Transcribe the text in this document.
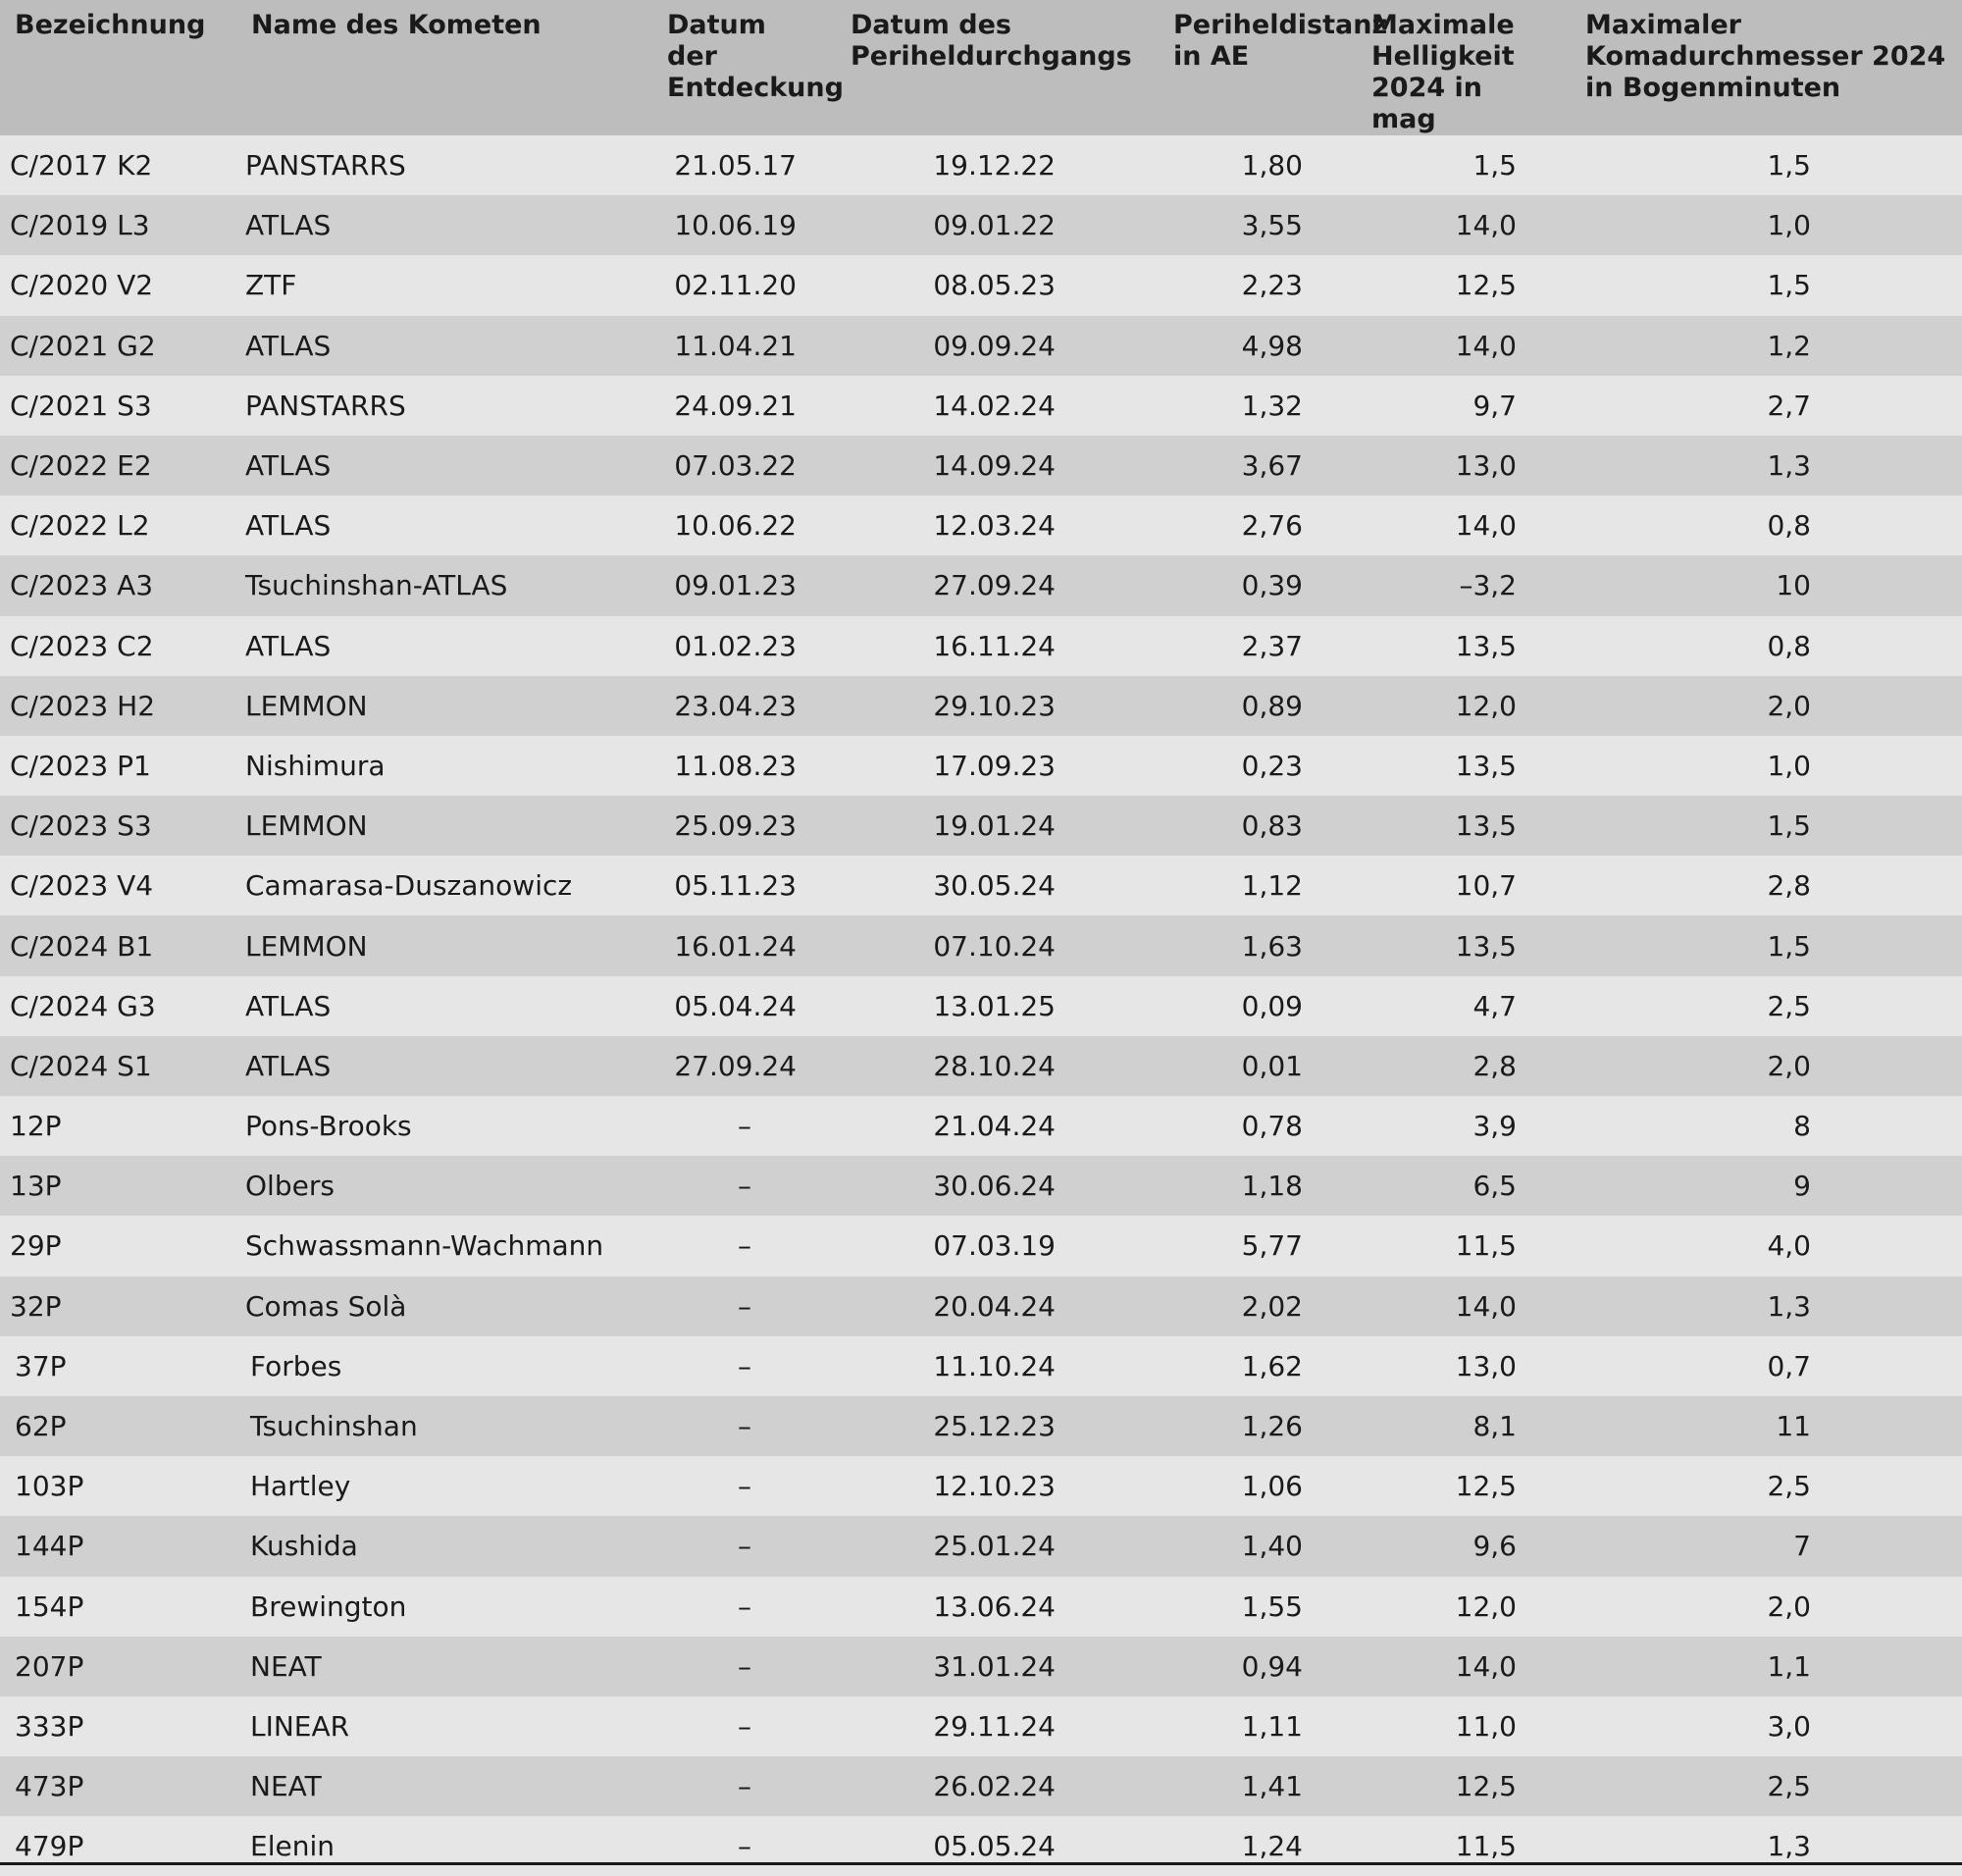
Bezeichnung	Name des Kometen	Datum der Entdeckung	Datum des Periheldurchgangs	Periheldistanz in AE	Maximale Helligkeit 2024 in mag	Maximaler Komadurchmesser 2024 in Bogenminuten
C/2017 K2	PANSTARRS	21.05.17	19.12.22	1,80	1,5	1,5
C/2019 L3	ATLAS	10.06.19	09.01.22	3,55	14,0	1,0
C/2020 V2	ZTF	02.11.20	08.05.23	2,23	12,5	1,5
C/2021 G2	ATLAS	11.04.21	09.09.24	4,98	14,0	1,2
C/2021 S3	PANSTARRS	24.09.21	14.02.24	1,32	9,7	2,7
C/2022 E2	ATLAS	07.03.22	14.09.24	3,67	13,0	1,3
C/2022 L2	ATLAS	10.06.22	12.03.24	2,76	14,0	0,8
C/2023 A3	Tsuchinshan-ATLAS	09.01.23	27.09.24	0,39	–3,2	10
C/2023 C2	ATLAS	01.02.23	16.11.24	2,37	13,5	0,8
C/2023 H2	LEMMON	23.04.23	29.10.23	0,89	12,0	2,0
C/2023 P1	Nishimura	11.08.23	17.09.23	0,23	13,5	1,0
C/2023 S3	LEMMON	25.09.23	19.01.24	0,83	13,5	1,5
C/2023 V4	Camarasa-Duszanowicz	05.11.23	30.05.24	1,12	10,7	2,8
C/2024 B1	LEMMON	16.01.24	07.10.24	1,63	13,5	1,5
C/2024 G3	ATLAS	05.04.24	13.01.25	0,09	4,7	2,5
C/2024 S1	ATLAS	27.09.24	28.10.24	0,01	2,8	2,0
12P	Pons-Brooks	–	21.04.24	0,78	3,9	8
13P	Olbers	–	30.06.24	1,18	6,5	9
29P	Schwassmann-Wachmann	–	07.03.19	5,77	11,5	4,0
32P	Comas Solà	–	20.04.24	2,02	14,0	1,3
37P	Forbes	–	11.10.24	1,62	13,0	0,7
62P	Tsuchinshan	–	25.12.23	1,26	8,1	11
103P	Hartley	–	12.10.23	1,06	12,5	2,5
144P	Kushida	–	25.01.24	1,40	9,6	7
154P	Brewington	–	13.06.24	1,55	12,0	2,0
207P	NEAT	–	31.01.24	0,94	14,0	1,1
333P	LINEAR	–	29.11.24	1,11	11,0	3,0
473P	NEAT	–	26.02.24	1,41	12,5	2,5
479P	Elenin	–	05.05.24	1,24	11,5	1,3
